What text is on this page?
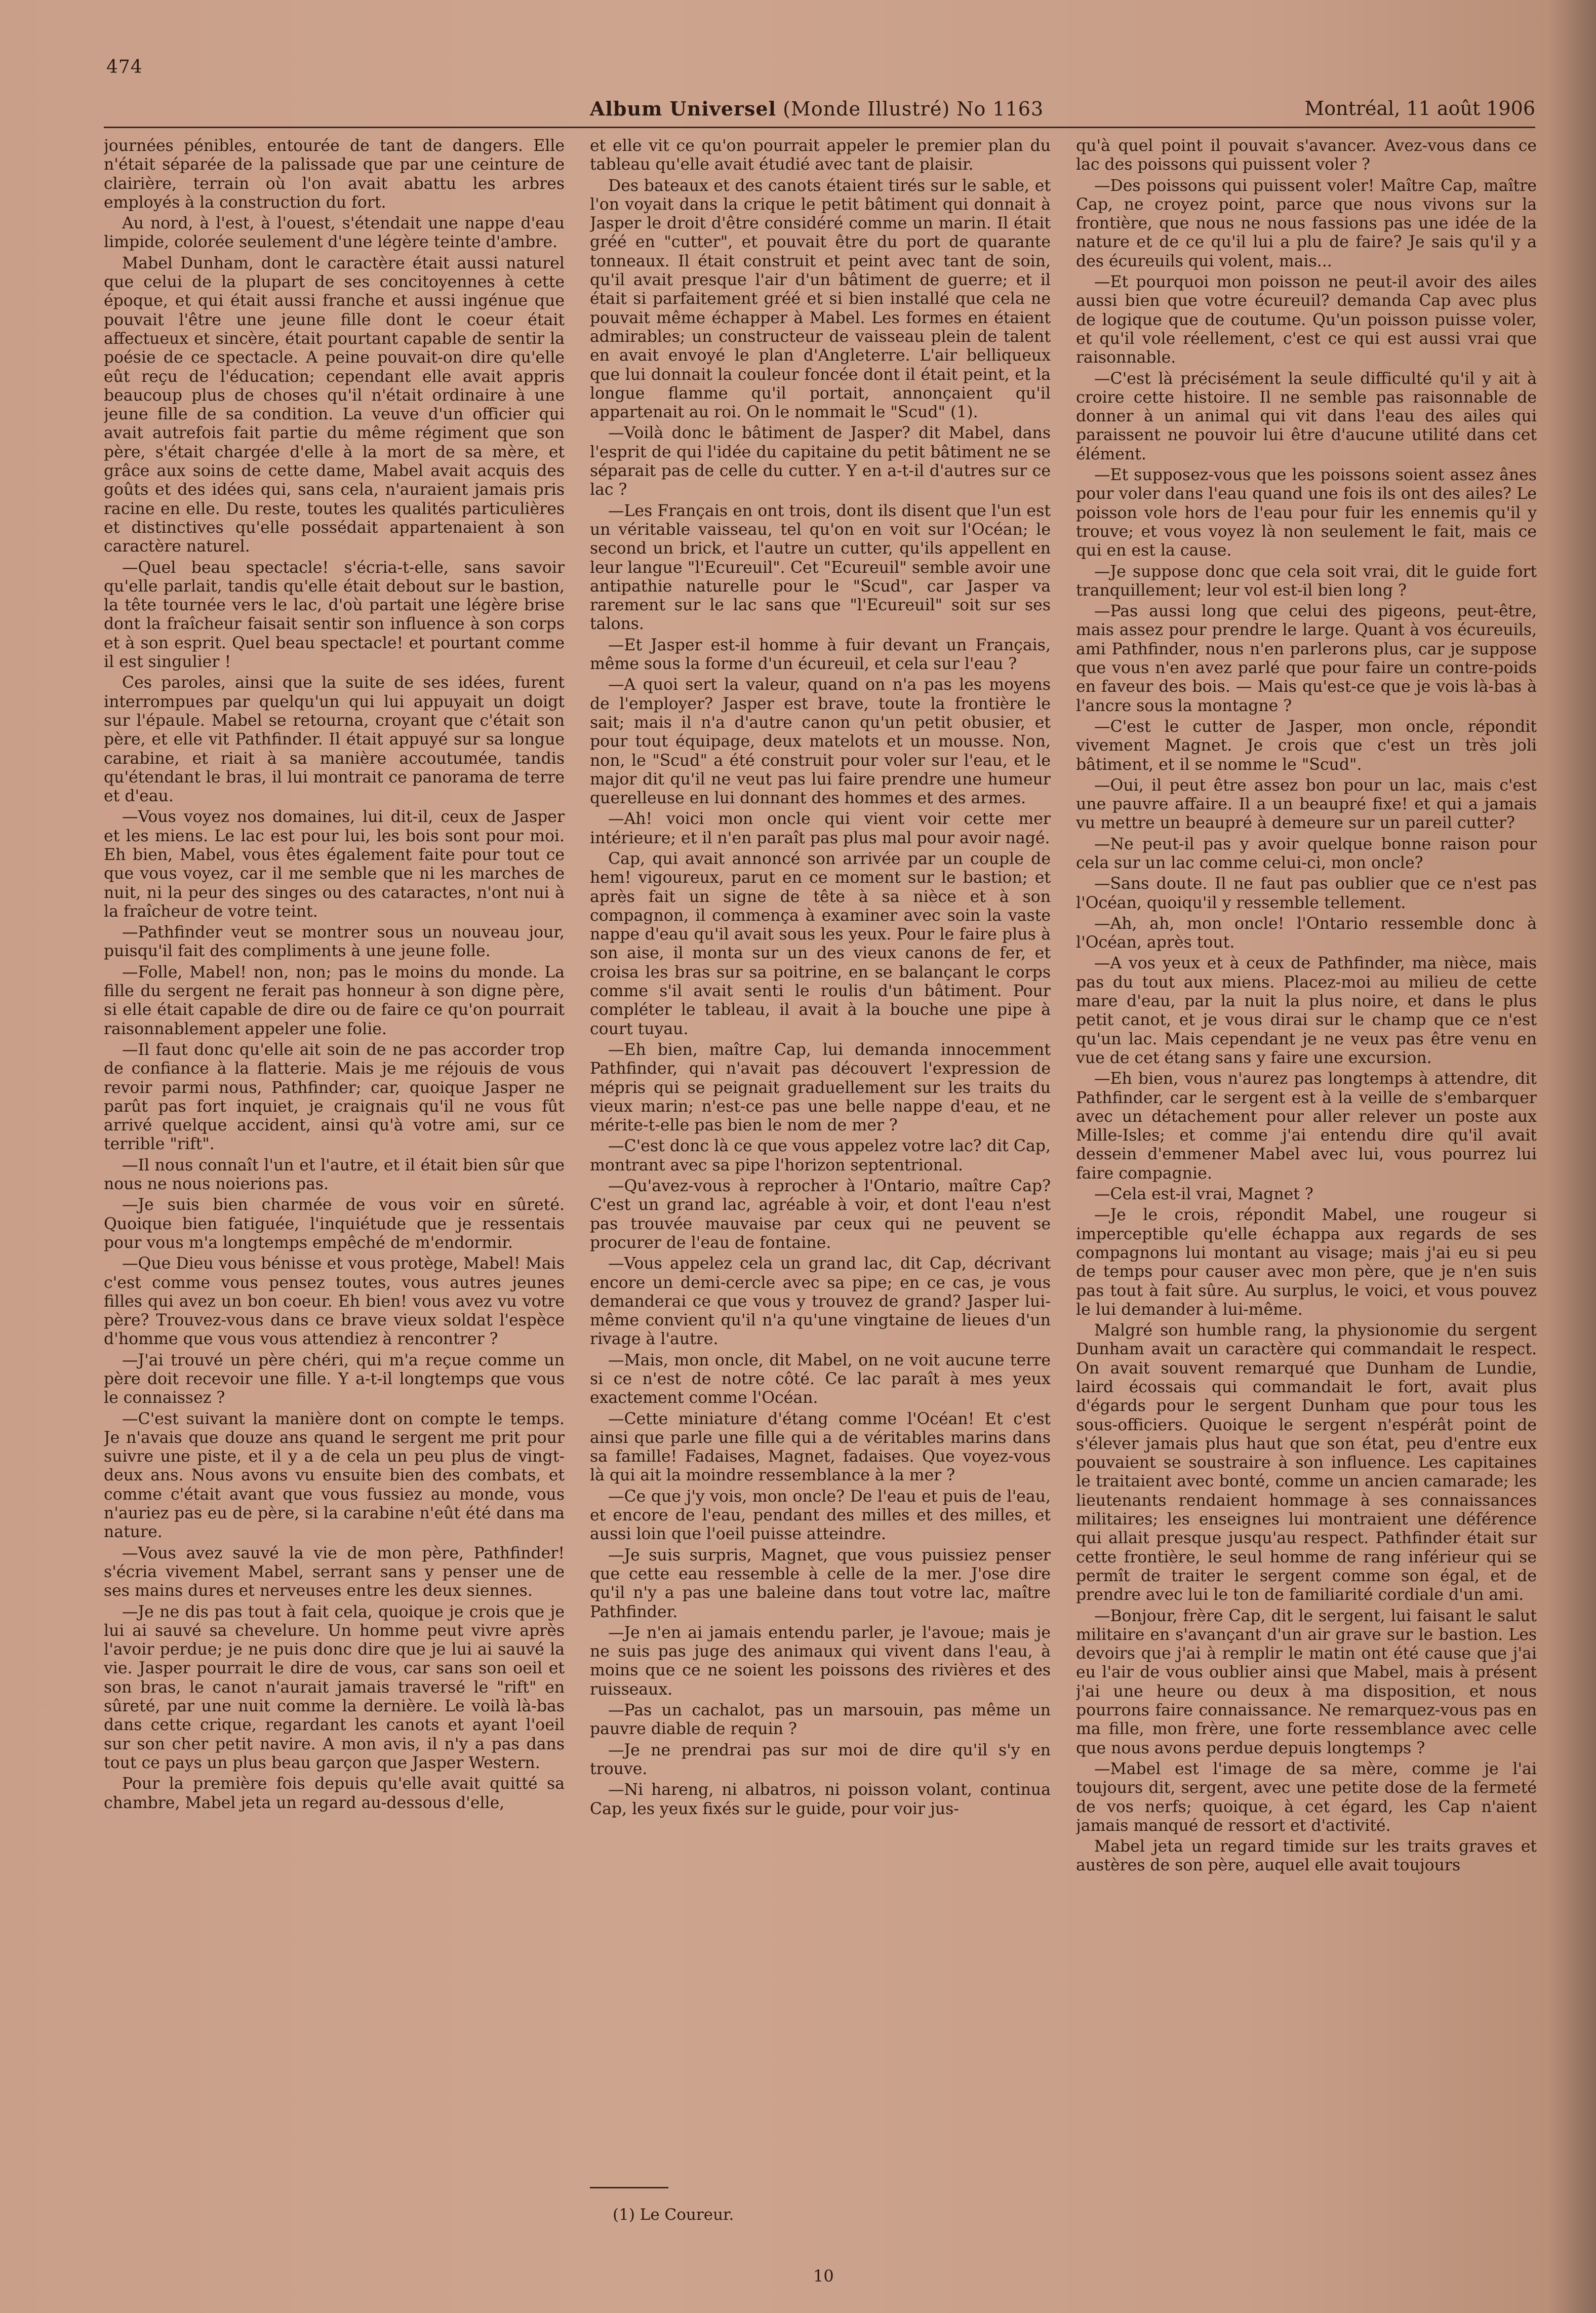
474
Album Universel (Monde Illustré) No 1163	Montréal, 11 août 1906

journées pénibles, entourée de tant de dangers. Elle n'était séparée de la palissade que par une ceinture de clairière, terrain où l'on avait abattu les arbres employés à la construction du fort.

Au nord, à l'est, à l'ouest, s'étendait une nappe d'eau limpide, colorée seulement d'une légère teinte d'ambre.

Mabel Dunham, dont le caractère était aussi naturel que celui de la plupart de ses concitoyennes à cette époque, et qui était aussi franche et aussi ingénue que pouvait l'être une jeune fille dont le coeur était affectueux et sincère, était pourtant capable de sentir la poésie de ce spectacle. A peine pouvait-on dire qu'elle eût reçu de l'éducation; cependant elle avait appris beaucoup plus de choses qu'il n'était ordinaire à une jeune fille de sa condition. La veuve d'un officier qui avait autrefois fait partie du même régiment que son père, s'était chargée d'elle à la mort de sa mère, et grâce aux soins de cette dame, Mabel avait acquis des goûts et des idées qui, sans cela, n'auraient jamais pris racine en elle. Du reste, toutes les qualités particulières et distinctives qu'elle possédait appartenaient à son caractère naturel.

—Quel beau spectacle! s'écria-t-elle, sans savoir qu'elle parlait, tandis qu'elle était debout sur le bastion, la tête tournée vers le lac, d'où partait une légère brise dont la fraîcheur faisait sentir son influence à son corps et à son esprit. Quel beau spectacle! et pourtant comme il est singulier !

Ces paroles, ainsi que la suite de ses idées, furent interrompues par quelqu'un qui lui appuyait un doigt sur l'épaule. Mabel se retourna, croyant que c'était son père, et elle vit Pathfinder. Il était appuyé sur sa longue carabine, et riait à sa manière accoutumée, tandis qu'étendant le bras, il lui montrait ce panorama de terre et d'eau.

—Vous voyez nos domaines, lui dit-il, ceux de Jasper et les miens. Le lac est pour lui, les bois sont pour moi. Eh bien, Mabel, vous êtes également faite pour tout ce que vous voyez, car il me semble que ni les marches de nuit, ni la peur des singes ou des cataractes, n'ont nui à la fraîcheur de votre teint.

—Pathfinder veut se montrer sous un nouveau jour, puisqu'il fait des compliments à une jeune folle.

—Folle, Mabel! non, non; pas le moins du monde. La fille du sergent ne ferait pas honneur à son digne père, si elle était capable de dire ou de faire ce qu'on pourrait raisonnablement appeler une folie.

—Il faut donc qu'elle ait soin de ne pas accorder trop de confiance à la flatterie. Mais je me réjouis de vous revoir parmi nous, Pathfinder; car, quoique Jasper ne parût pas fort inquiet, je craignais qu'il ne vous fût arrivé quelque accident, ainsi qu'à votre ami, sur ce terrible "rift".

—Il nous connaît l'un et l'autre, et il était bien sûr que nous ne nous noierions pas.

—Je suis bien charmée de vous voir en sûreté. Quoique bien fatiguée, l'inquiétude que je ressentais pour vous m'a longtemps empêché de m'endormir.

—Que Dieu vous bénisse et vous protège, Mabel! Mais c'est comme vous pensez toutes, vous autres jeunes filles qui avez un bon coeur. Eh bien! vous avez vu votre père? Trouvez-vous dans ce brave vieux soldat l'espèce d'homme que vous vous attendiez à rencontrer ?

—J'ai trouvé un père chéri, qui m'a reçue comme un père doit recevoir une fille. Y a-t-il longtemps que vous le connaissez ?

—C'est suivant la manière dont on compte le temps. Je n'avais que douze ans quand le sergent me prit pour suivre une piste, et il y a de cela un peu plus de vingt-deux ans. Nous avons vu ensuite bien des combats, et comme c'était avant que vous fussiez au monde, vous n'auriez pas eu de père, si la carabine n'eût été dans ma nature.

—Vous avez sauvé la vie de mon père, Pathfinder! s'écria vivement Mabel, serrant sans y penser une de ses mains dures et nerveuses entre les deux siennes.

—Je ne dis pas tout à fait cela, quoique je crois que je lui ai sauvé sa chevelure. Un homme peut vivre après l'avoir perdue; je ne puis donc dire que je lui ai sauvé la vie. Jasper pourrait le dire de vous, car sans son oeil et son bras, le canot n'aurait jamais traversé le "rift" en sûreté, par une nuit comme la dernière. Le voilà là-bas dans cette crique, regardant les canots et ayant l'oeil sur son cher petit navire. A mon avis, il n'y a pas dans tout ce pays un plus beau garçon que Jasper Western.

Pour la première fois depuis qu'elle avait quitté sa chambre, Mabel jeta un regard au-dessous d'elle,

et elle vit ce qu'on pourrait appeler le premier plan du tableau qu'elle avait étudié avec tant de plaisir.

Des bateaux et des canots étaient tirés sur le sable, et l'on voyait dans la crique le petit bâtiment qui donnait à Jasper le droit d'être considéré comme un marin. Il était gréé en "cutter", et pouvait être du port de quarante tonneaux. Il était construit et peint avec tant de soin, qu'il avait presque l'air d'un bâtiment de guerre; et il était si parfaitement gréé et si bien installé que cela ne pouvait même échapper à Mabel. Les formes en étaient admirables; un constructeur de vaisseau plein de talent en avait envoyé le plan d'Angleterre. L'air belliqueux que lui donnait la couleur foncée dont il était peint, et la longue flamme qu'il portait, annonçaient qu'il appartenait au roi. On le nommait le "Scud" (1).

—Voilà donc le bâtiment de Jasper? dit Mabel, dans l'esprit de qui l'idée du capitaine du petit bâtiment ne se séparait pas de celle du cutter. Y en a-t-il d'autres sur ce lac ?

—Les Français en ont trois, dont ils disent que l'un est un véritable vaisseau, tel qu'on en voit sur l'Océan; le second un brick, et l'autre un cutter, qu'ils appellent en leur langue "l'Ecureuil". Cet "Ecureuil" semble avoir une antipathie naturelle pour le "Scud", car Jasper va rarement sur le lac sans que "l'Ecureuil" soit sur ses talons.

—Et Jasper est-il homme à fuir devant un Français, même sous la forme d'un écureuil, et cela sur l'eau ?

—A quoi sert la valeur, quand on n'a pas les moyens de l'employer? Jasper est brave, toute la frontière le sait; mais il n'a d'autre canon qu'un petit obusier, et pour tout équipage, deux matelots et un mousse. Non, non, le "Scud" a été construit pour voler sur l'eau, et le major dit qu'il ne veut pas lui faire prendre une humeur querelleuse en lui donnant des hommes et des armes.

—Ah! voici mon oncle qui vient voir cette mer intérieure; et il n'en paraît pas plus mal pour avoir nagé.

Cap, qui avait annoncé son arrivée par un couple de hem! vigoureux, parut en ce moment sur le bastion; et après fait un signe de tête à sa nièce et à son compagnon, il commença à examiner avec soin la vaste nappe d'eau qu'il avait sous les yeux. Pour le faire plus à son aise, il monta sur un des vieux canons de fer, et croisa les bras sur sa poitrine, en se balançant le corps comme s'il avait senti le roulis d'un bâtiment. Pour compléter le tableau, il avait à la bouche une pipe à court tuyau.

—Eh bien, maître Cap, lui demanda innocemment Pathfinder, qui n'avait pas découvert l'expression de mépris qui se peignait graduellement sur les traits du vieux marin; n'est-ce pas une belle nappe d'eau, et ne mérite-t-elle pas bien le nom de mer ?

—C'est donc là ce que vous appelez votre lac? dit Cap, montrant avec sa pipe l'horizon septentrional.

—Qu'avez-vous à reprocher à l'Ontario, maître Cap? C'est un grand lac, agréable à voir, et dont l'eau n'est pas trouvée mauvaise par ceux qui ne peuvent se procurer de l'eau de fontaine.

—Vous appelez cela un grand lac, dit Cap, décrivant encore un demi-cercle avec sa pipe; en ce cas, je vous demanderai ce que vous y trouvez de grand? Jasper lui-même convient qu'il n'a qu'une vingtaine de lieues d'un rivage à l'autre.

—Mais, mon oncle, dit Mabel, on ne voit aucune terre si ce n'est de notre côté. Ce lac paraît à mes yeux exactement comme l'Océan.

—Cette miniature d'étang comme l'Océan! Et c'est ainsi que parle une fille qui a de véritables marins dans sa famille! Fadaises, Magnet, fadaises. Que voyez-vous là qui ait la moindre ressemblance à la mer ?

—Ce que j'y vois, mon oncle? De l'eau et puis de l'eau, et encore de l'eau, pendant des milles et des milles, et aussi loin que l'oeil puisse atteindre.

—Je suis surpris, Magnet, que vous puissiez penser que cette eau ressemble à celle de la mer. J'ose dire qu'il n'y a pas une baleine dans tout votre lac, maître Pathfinder.

—Je n'en ai jamais entendu parler, je l'avoue; mais je ne suis pas juge des animaux qui vivent dans l'eau, à moins que ce ne soient les poissons des rivières et des ruisseaux.

—Pas un cachalot, pas un marsouin, pas même un pauvre diable de requin ?

—Je ne prendrai pas sur moi de dire qu'il s'y en trouve.

—Ni hareng, ni albatros, ni poisson volant, continua Cap, les yeux fixés sur le guide, pour voir jus-

qu'à quel point il pouvait s'avancer. Avez-vous dans ce lac des poissons qui puissent voler ?

—Des poissons qui puissent voler! Maître Cap, maître Cap, ne croyez point, parce que nous vivons sur la frontière, que nous ne nous fassions pas une idée de la nature et de ce qu'il lui a plu de faire? Je sais qu'il y a des écureuils qui volent, mais...

—Et pourquoi mon poisson ne peut-il avoir des ailes aussi bien que votre écureuil? demanda Cap avec plus de logique que de coutume. Qu'un poisson puisse voler, et qu'il vole réellement, c'est ce qui est aussi vrai que raisonnable.

—C'est là précisément la seule difficulté qu'il y ait à croire cette histoire. Il ne semble pas raisonnable de donner à un animal qui vit dans l'eau des ailes qui paraissent ne pouvoir lui être d'aucune utilité dans cet élément.

—Et supposez-vous que les poissons soient assez ânes pour voler dans l'eau quand une fois ils ont des ailes? Le poisson vole hors de l'eau pour fuir les ennemis qu'il y trouve; et vous voyez là non seulement le fait, mais ce qui en est la cause.

—Je suppose donc que cela soit vrai, dit le guide fort tranquillement; leur vol est-il bien long ?

—Pas aussi long que celui des pigeons, peut-être, mais assez pour prendre le large. Quant à vos écureuils, ami Pathfinder, nous n'en parlerons plus, car je suppose que vous n'en avez parlé que pour faire un contre-poids en faveur des bois. — Mais qu'est-ce que je vois là-bas à l'ancre sous la montagne ?

—C'est le cutter de Jasper, mon oncle, répondit vivement Magnet. Je crois que c'est un très joli bâtiment, et il se nomme le "Scud".

—Oui, il peut être assez bon pour un lac, mais c'est une pauvre affaire. Il a un beaupré fixe! et qui a jamais vu mettre un beaupré à demeure sur un pareil cutter?

—Ne peut-il pas y avoir quelque bonne raison pour cela sur un lac comme celui-ci, mon oncle?

—Sans doute. Il ne faut pas oublier que ce n'est pas l'Océan, quoiqu'il y ressemble tellement.

—Ah, ah, mon oncle! l'Ontario ressemble donc à l'Océan, après tout.

—A vos yeux et à ceux de Pathfinder, ma nièce, mais pas du tout aux miens. Placez-moi au milieu de cette mare d'eau, par la nuit la plus noire, et dans le plus petit canot, et je vous dirai sur le champ que ce n'est qu'un lac. Mais cependant je ne veux pas être venu en vue de cet étang sans y faire une excursion.

—Eh bien, vous n'aurez pas longtemps à attendre, dit Pathfinder, car le sergent est à la veille de s'embarquer avec un détachement pour aller relever un poste aux Mille-Isles; et comme j'ai entendu dire qu'il avait dessein d'emmener Mabel avec lui, vous pourrez lui faire compagnie.

—Cela est-il vrai, Magnet ?

—Je le crois, répondit Mabel, une rougeur si imperceptible qu'elle échappa aux regards de ses compagnons lui montant au visage; mais j'ai eu si peu de temps pour causer avec mon père, que je n'en suis pas tout à fait sûre. Au surplus, le voici, et vous pouvez le lui demander à lui-même.

Malgré son humble rang, la physionomie du sergent Dunham avait un caractère qui commandait le respect. On avait souvent remarqué que Dunham de Lundie, laird écossais qui commandait le fort, avait plus d'égards pour le sergent Dunham que pour tous les sous-officiers. Quoique le sergent n'espérât point de s'élever jamais plus haut que son état, peu d'entre eux pouvaient se soustraire à son influence. Les capitaines le traitaient avec bonté, comme un ancien camarade; les lieutenants rendaient hommage à ses connaissances militaires; les enseignes lui montraient une déférence qui allait presque jusqu'au respect. Pathfinder était sur cette frontière, le seul homme de rang inférieur qui se permît de traiter le sergent comme son égal, et de prendre avec lui le ton de familiarité cordiale d'un ami.

—Bonjour, frère Cap, dit le sergent, lui faisant le salut militaire en s'avançant d'un air grave sur le bastion. Les devoirs que j'ai à remplir le matin ont été cause que j'ai eu l'air de vous oublier ainsi que Mabel, mais à présent j'ai une heure ou deux à ma disposition, et nous pourrons faire connaissance. Ne remarquez-vous pas en ma fille, mon frère, une forte ressemblance avec celle que nous avons perdue depuis longtemps ?

—Mabel est l'image de sa mère, comme je l'ai toujours dit, sergent, avec une petite dose de la fermeté de vos nerfs; quoique, à cet égard, les Cap n'aient jamais manqué de ressort et d'activité.

Mabel jeta un regard timide sur les traits graves et austères de son père, auquel elle avait toujours

(1) Le Coureur.
10
